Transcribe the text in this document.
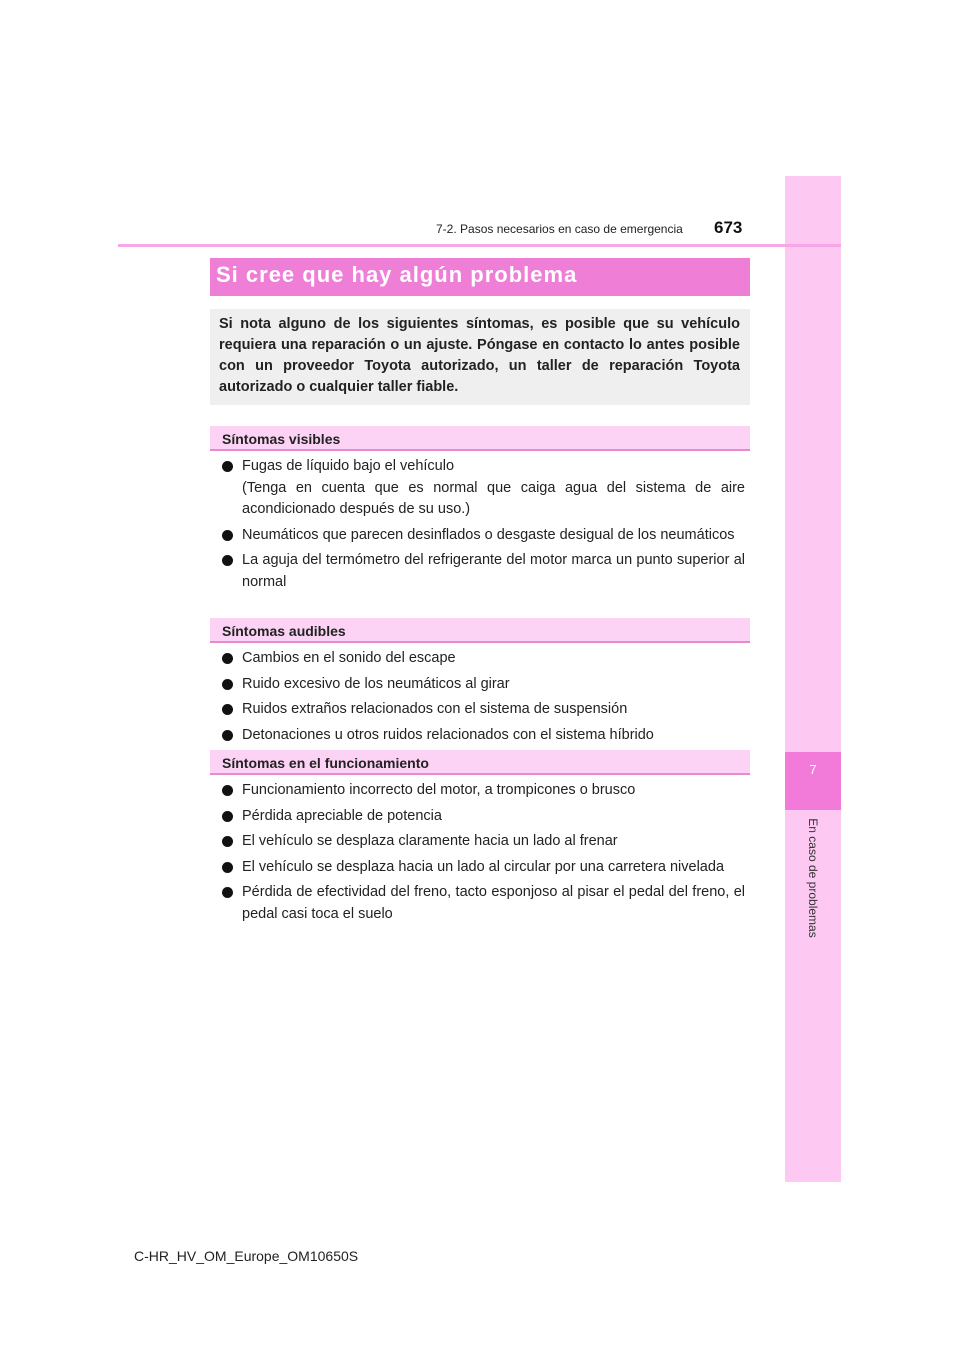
7
En caso de problemas
7-2. Pasos necesarios en caso de emergencia 673
Si cree que hay algún problema
Si nota alguno de los siguientes síntomas, es posible que su vehículo requiera una reparación o un ajuste. Póngase en contacto lo antes posible con un proveedor Toyota autorizado, un taller de reparación Toyota autorizado o cualquier taller fiable.
Síntomas visibles
Fugas de líquido bajo el vehículo
(Tenga en cuenta que es normal que caiga agua del sistema de aire acondicionado después de su uso.)
Neumáticos que parecen desinflados o desgaste desigual de los neumáticos
La aguja del termómetro del refrigerante del motor marca un punto superior al normal
Síntomas audibles
Cambios en el sonido del escape
Ruido excesivo de los neumáticos al girar
Ruidos extraños relacionados con el sistema de suspensión
Detonaciones u otros ruidos relacionados con el sistema híbrido
Síntomas en el funcionamiento
Funcionamiento incorrecto del motor, a trompicones o brusco
Pérdida apreciable de potencia
El vehículo se desplaza claramente hacia un lado al frenar
El vehículo se desplaza hacia un lado al circular por una carretera nivelada
Pérdida de efectividad del freno, tacto esponjoso al pisar el pedal del freno, el pedal casi toca el suelo
C-HR_HV_OM_Europe_OM10650S
